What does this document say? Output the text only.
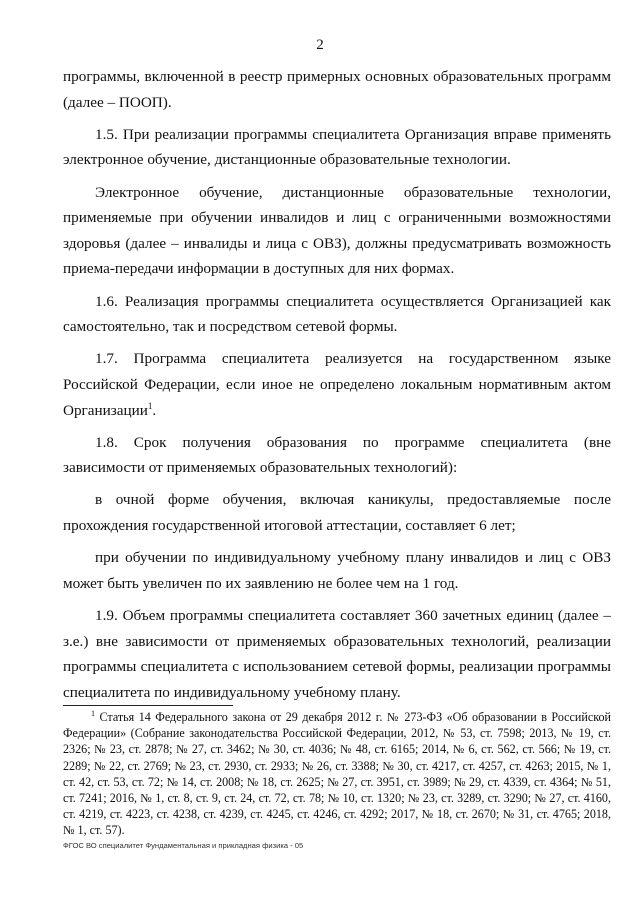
2

программы, включенной в реестр примерных основных образовательных программ (далее – ПООП).

1.5. При реализации программы специалитета Организация вправе применять электронное обучение, дистанционные образовательные технологии.

Электронное обучение, дистанционные образовательные технологии, применяемые при обучении инвалидов и лиц с ограниченными возможностями здоровья (далее – инвалиды и лица с ОВЗ), должны предусматривать возможность приема-передачи информации в доступных для них формах.

1.6. Реализация программы специалитета осуществляется Организацией как самостоятельно, так и посредством сетевой формы.

1.7. Программа специалитета реализуется на государственном языке Российской Федерации, если иное не определено локальным нормативным актом Организации$^1$.

1.8. Срок получения образования по программе специалитета (вне зависимости от применяемых образовательных технологий):

в очной форме обучения, включая каникулы, предоставляемые после прохождения государственной итоговой аттестации, составляет 6 лет;

при обучении по индивидуальному учебному плану инвалидов и лиц с ОВЗ может быть увеличен по их заявлению не более чем на 1 год.

1.9. Объем программы специалитета составляет 360 зачетных единиц (далее – з.е.) вне зависимости от применяемых образовательных технологий, реализации программы специалитета с использованием сетевой формы, реализации программы специалитета по индивидуальному учебному плану.

$^1$ Статья 14 Федерального закона от 29 декабря 2012 г. № 273-ФЗ «Об образовании в Российской Федерации» (Собрание законодательства Российской Федерации, 2012, № 53, ст. 7598; 2013, № 19, ст. 2326; № 23, ст. 2878; № 27, ст. 3462; № 30, ст. 4036; № 48, ст. 6165; 2014, № 6, ст. 562, ст. 566; № 19, ст. 2289; № 22, ст. 2769; № 23, ст. 2930, ст. 2933; № 26, ст. 3388; № 30, ст. 4217, ст. 4257, ст. 4263; 2015, № 1, ст. 42, ст. 53, ст. 72; № 14, ст. 2008; № 18, ст. 2625; № 27, ст. 3951, ст. 3989; № 29, ст. 4339, ст. 4364; № 51, ст. 7241; 2016, № 1, ст. 8, ст. 9, ст. 24, ст. 72, ст. 78; № 10, ст. 1320; № 23, ст. 3289, ст. 3290; № 27, ст. 4160, ст. 4219, ст. 4223, ст. 4238, ст. 4239, ст. 4245, ст. 4246, ст. 4292; 2017, № 18, ст. 2670; № 31, ст. 4765; 2018, № 1, ст. 57).
ФГОС ВО специалитет Фундаментальная и прикладная физика - 05
